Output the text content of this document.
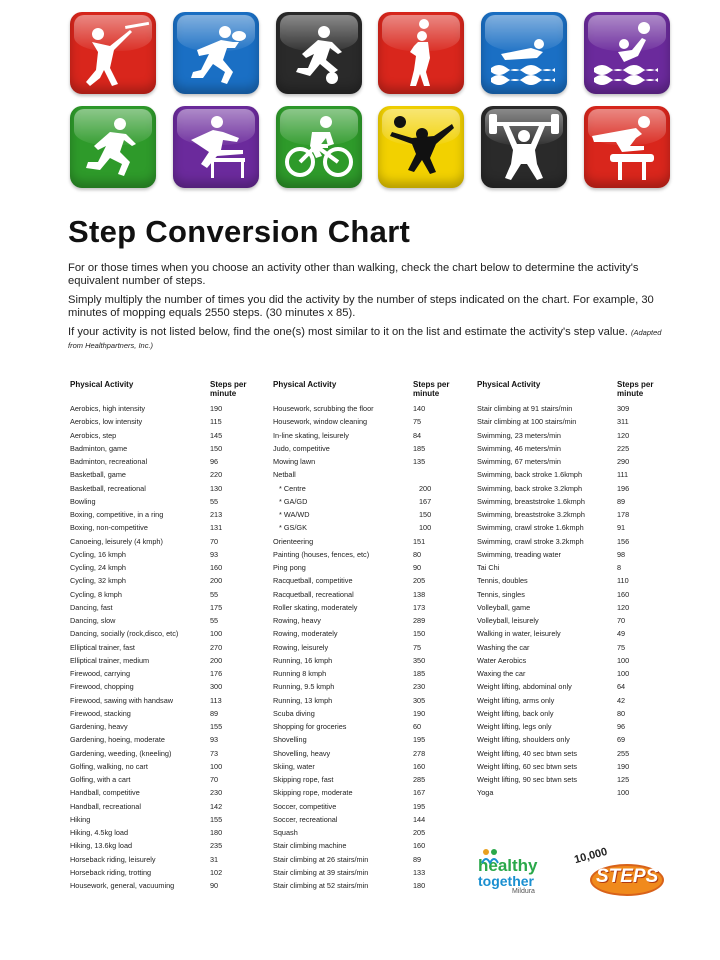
Step Conversion Chart

For or those times when you choose an activity other than walking, check the chart below to determine the activity's equivalent number of steps.

Simply multiply the number of times you did the activity by the number of steps indicated on the chart. For example, 30 minutes of mopping equals 2550 steps. (30 minutes x 85).

If your activity is not listed below, find the one(s) most similar to it on the list and estimate the activity's step value. (Adapted from Healthpartners, Inc.)

Physical Activity	Steps per minute
Aerobics, high intensity	190
Aerobics, low intensity	115
Aerobics, step	145
Badminton, game	150
Badminton, recreational	96
Basketball, game	220
Basketball, recreational	130
Bowling	55
Boxing, competitive, in a ring	213
Boxing, non-competitive	131
Canoeing, leisurely (4 kmph)	70
Cycling, 16 kmph	93
Cycling, 24 kmph	160
Cycling, 32 kmph	200
Cycling, 8 kmph	55
Dancing, fast	175
Dancing, slow	55
Dancing, socially (rock,disco, etc)	100
Elliptical trainer, fast	270
Elliptical trainer, medium	200
Firewood, carrying	176
Firewood, chopping	300
Firewood, sawing with handsaw	113
Firewood, stacking	89
Gardening, heavy	155
Gardening, hoeing, moderate	93
Gardening, weeding, (kneeling)	73
Golfing, walking, no cart	100
Golfing, with a cart	70
Handball, competitive	230
Handball, recreational	142
Hiking	155
Hiking, 4.5kg load	180
Hiking, 13.6kg load	235
Horseback riding, leisurely	31
Horseback riding, trotting	102
Housework, general, vacuuming	90
Physical Activity	Steps per minute
Housework, scrubbing the floor	140
Housework, window cleaning	75
In-line skating, leisurely	84
Judo, competitive	185
Mowing lawn	135
Netball
* Centre	200
* GA/GD	167
* WA/WD	150
* GS/GK	100
Orienteering	151
Painting (houses, fences, etc)	80
Ping pong	90
Racquetball, competitive	205
Racquetball, recreational	138
Roller skating, moderately	173
Rowing, heavy	289
Rowing, moderately	150
Rowing, leisurely	75
Running, 16 kmph	350
Running 8 kmph	185
Running, 9.5 kmph	230
Running, 13 kmph	305
Scuba diving	190
Shopping for groceries	60
Shovelling	195
Shovelling, heavy	278
Skiing, water	160
Skipping rope, fast	285
Skipping rope, moderate	167
Soccer, competitive	195
Soccer, recreational	144
Squash	205
Stair climbing machine	160
Stair climbing at 26 stairs/min	89
Stair climbing at 39 stairs/min	133
Stair climbing at 52 stairs/min	180
Physical Activity	Steps per minute
Stair climbing at 91 stairs/min	309
Stair climbing at 100 stairs/min	311
Swimming, 23 meters/min	120
Swimming, 46 meters/min	225
Swimming, 67 meters/min	290
Swimming, back stroke 1.6kmph	111
Swimming, back stroke 3.2kmph	196
Swimming, breaststroke 1.6kmph	89
Swimming, breaststroke 3.2kmph	178
Swimming, crawl stroke 1.6kmph	91
Swimming, crawl stroke 3.2kmph	156
Swimming, treading water	98
Tai Chi	8
Tennis, doubles	110
Tennis, singles	160
Volleyball, game	120
Volleyball, leisurely	70
Walking in water, leisurely	49
Washing the car	75
Water Aerobics	100
Waxing the car	100
Weight lifting, abdominal only	64
Weight lifting, arms only	42
Weight lifting, back only	80
Weight lifting, legs only	96
Weight lifting, shoulders only	69
Weight lifting, 40 sec btwn sets	255
Weight lifting, 60 sec btwn sets	190
Weight lifting, 90 sec btwn sets	125
Yoga	100
healthy
together
Mildura
10,000
STEPS
